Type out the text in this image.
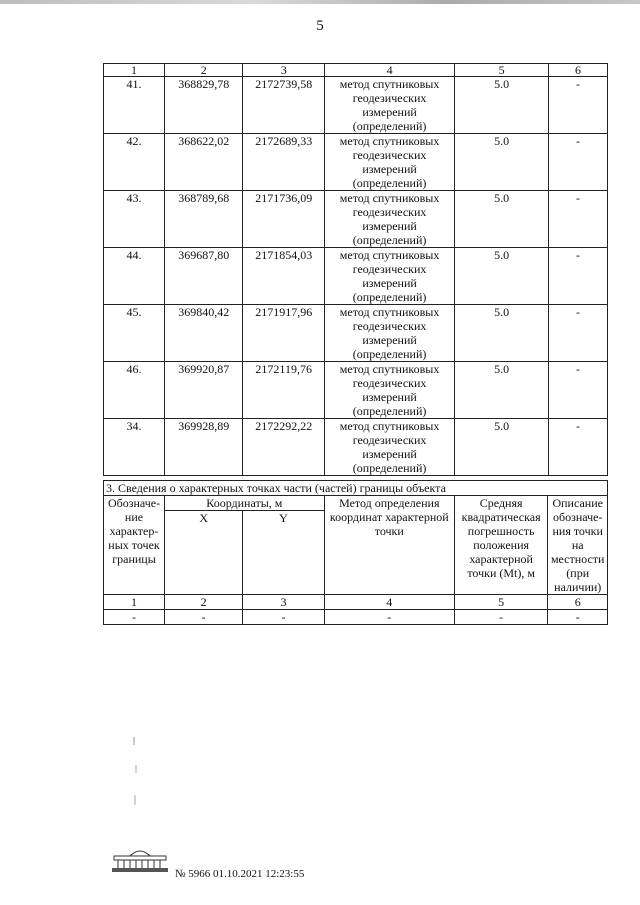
5
1	2	3	4	5	6
41.	368829,78	2172739,58	метод спутниковых геодезических измерений (определений)	5.0	-
42.	368622,02	2172689,33	метод спутниковых геодезических измерений (определений)	5.0	-
43.	368789,68	2171736,09	метод спутниковых геодезических измерений (определений)	5.0	-
44.	369687,80	2171854,03	метод спутниковых геодезических измерений (определений)	5.0	-
45.	369840,42	2171917,96	метод спутниковых геодезических измерений (определений)	5.0	-
46.	369920,87	2172119,76	метод спутниковых геодезических измерений (определений)	5.0	-
34.	369928,89	2172292,22	метод спутниковых геодезических измерений (определений)	5.0	-
3. Сведения о характерных точках части (частей) границы объекта					
Обозначе-ние характер-ных точек границы	Координаты, м		Метод определения координат характерной точки	Средняя квадратическая погрешность положения характерной точки (Mt), м	Описание обозначе-ния точки на местности (при наличии)
	X	Y			
1	2	3	4	5	6
-	-	-	-	-	-
№ 5966 01.10.2021 12:23:55
